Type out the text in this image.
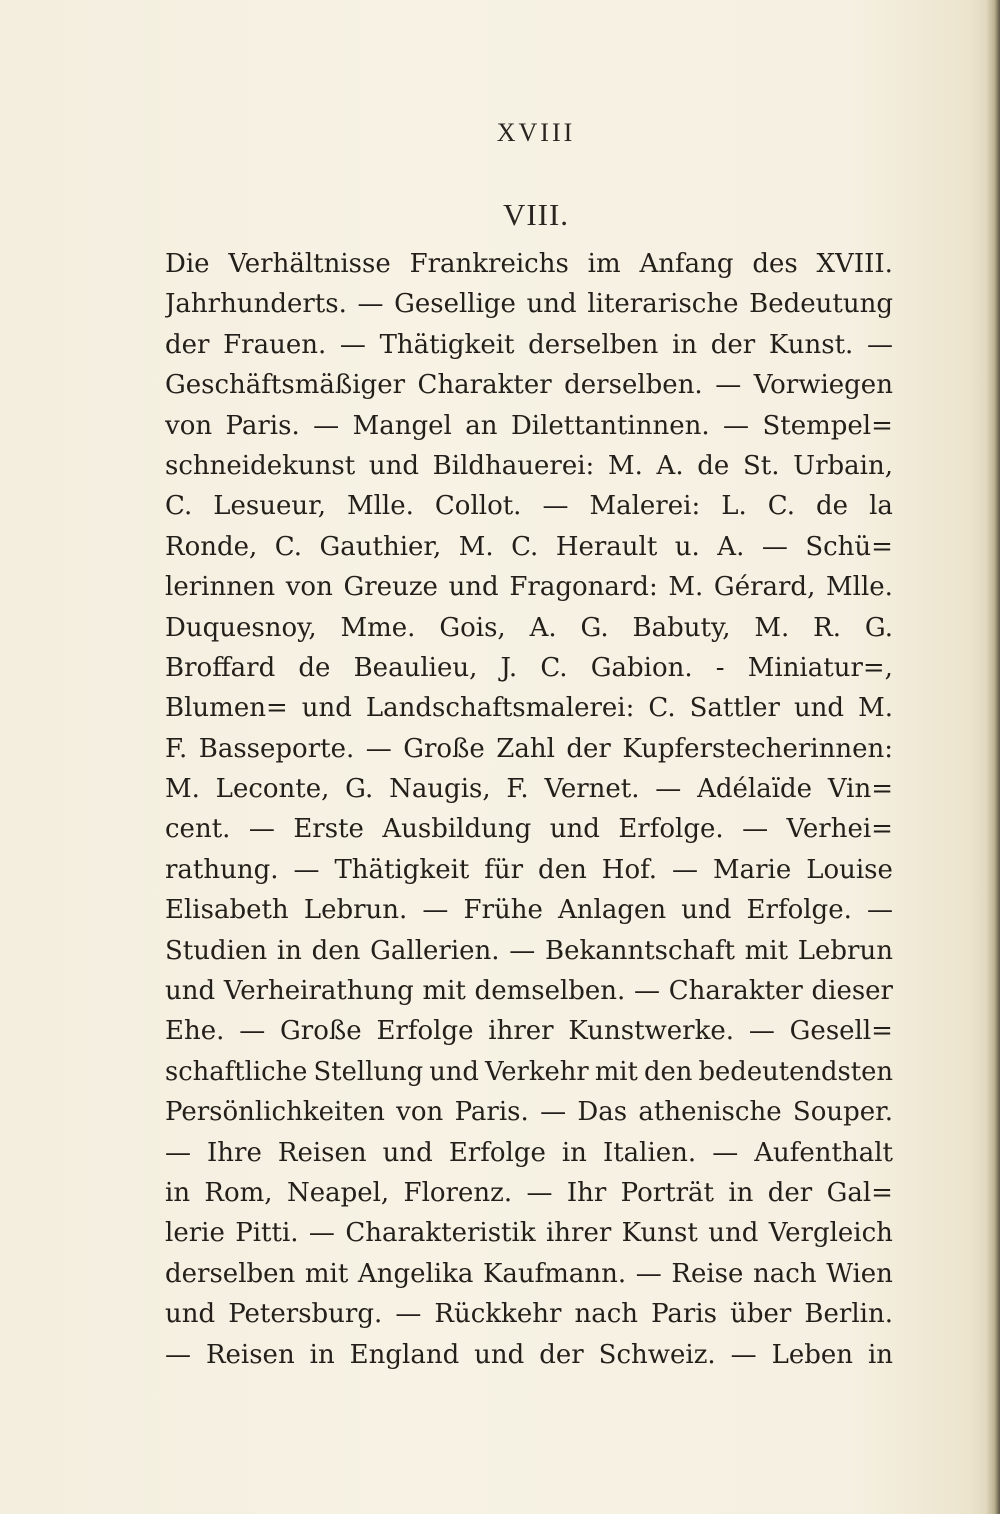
XVIII
VIII.
Die Verhältnisse Frankreichs im Anfang des XVIII.
Jahrhunderts. — Gesellige und literarische Bedeutung
der Frauen. — Thätigkeit derselben in der Kunst. —
Geschäftsmäßiger Charakter derselben. — Vorwiegen
von Paris. — Mangel an Dilettantinnen. — Stempel=
schneidekunst und Bildhauerei: M. A. de St. Urbain,
C. Lesueur, Mlle. Collot. — Malerei: L. C. de la
Ronde, C. Gauthier, M. C. Herault u. A. — Schü=
lerinnen von Greuze und Fragonard: M. Gérard, Mlle.
Duquesnoy, Mme. Gois, A. G. Babuty, M. R. G.
Broffard de Beaulieu, J. C. Gabion. - Miniatur=,
Blumen= und Landschaftsmalerei: C. Sattler und M.
F. Basseporte. — Große Zahl der Kupferstecherinnen:
M. Leconte, G. Naugis, F. Vernet. — Adélaïde Vin=
cent. — Erste Ausbildung und Erfolge. — Verhei=
rathung. — Thätigkeit für den Hof. — Marie Louise
Elisabeth Lebrun. — Frühe Anlagen und Erfolge. —
Studien in den Gallerien. — Bekanntschaft mit Lebrun
und Verheirathung mit demselben. — Charakter dieser
Ehe. — Große Erfolge ihrer Kunstwerke. — Gesell=
schaftliche Stellung und Verkehr mit den bedeutendsten
Persönlichkeiten von Paris. — Das athenische Souper.
— Ihre Reisen und Erfolge in Italien. — Aufenthalt
in Rom, Neapel, Florenz. — Ihr Porträt in der Gal=
lerie Pitti. — Charakteristik ihrer Kunst und Vergleich
derselben mit Angelika Kaufmann. — Reise nach Wien
und Petersburg. — Rückkehr nach Paris über Berlin.
— Reisen in England und der Schweiz. — Leben in
